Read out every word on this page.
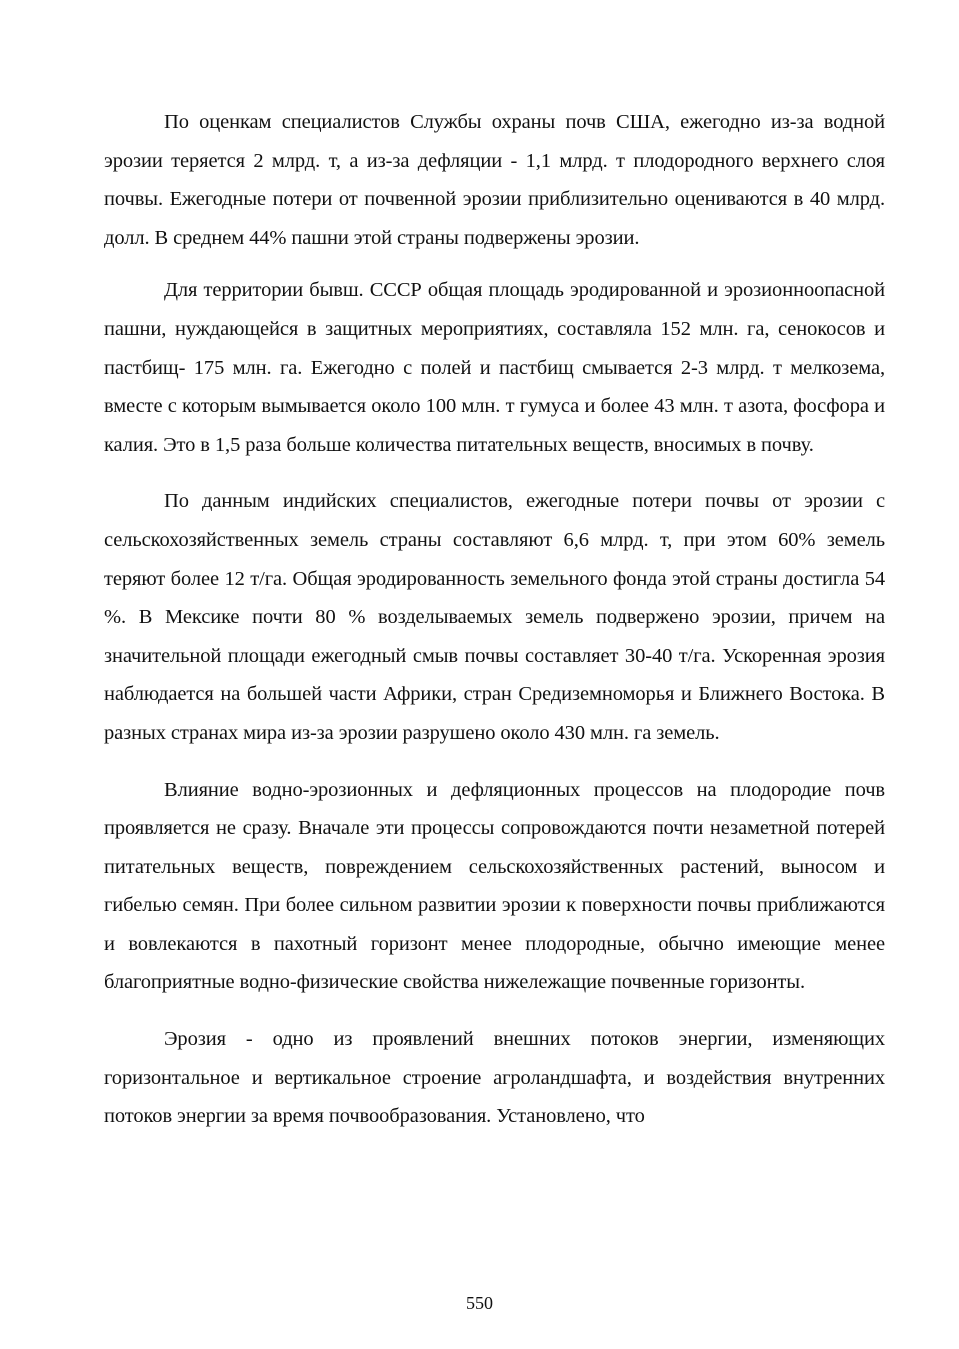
По оценкам специалистов Службы охраны почв США, ежегодно из-за водной эрозии теряется 2 млрд. т, а из-за дефляции - 1,1 млрд. т плодородного верхнего слоя почвы. Ежегодные потери от почвенной эрозии приблизительно оцениваются в 40 млрд. долл. В среднем 44% пашни этой страны подвержены эрозии.

Для территории бывш. СССР общая площадь эродированной и эрозионноопасной пашни, нуждающейся в защитных мероприятиях, составляла 152 млн. га, сенокосов и пастбищ- 175 млн. га. Ежегодно с полей и пастбищ смывается 2-3 млрд. т мелкозема, вместе с которым вымывается около 100 млн. т гумуса и более 43 млн. т азота, фосфора и калия. Это в 1,5 раза больше количества питательных веществ, вносимых в почву.

По данным индийских специалистов, ежегодные потери почвы от эрозии с сельскохозяйственных земель страны составляют 6,6 млрд. т, при этом 60% земель теряют более 12 т/га. Общая эродированность земельного фонда этой страны достигла 54 %. В Мексике почти 80 % возделываемых земель подвержено эрозии, причем на значительной площади ежегодный смыв почвы составляет 30-40 т/га. Ускоренная эрозия наблюдается на большей части Африки, стран Средиземноморья и Ближнего Востока. В разных странах мира из-за эрозии разрушено около 430 млн. га земель.

Влияние водно-эрозионных и дефляционных процессов на плодородие почв проявляется не сразу. Вначале эти процессы сопровождаются почти незаметной потерей питательных веществ, повреждением сельскохозяйственных растений, выносом и гибелью семян. При более сильном развитии эрозии к поверхности почвы приближаются и вовлекаются в пахотный горизонт менее плодородные, обычно имеющие менее благоприятные водно-физические свойства нижележащие почвенные горизонты.

Эрозия - одно из проявлений внешних потоков энергии, изменяющих горизонтальное и вертикальное строение агроландшафта, и воздействия внутренних потоков энергии за время почвообразования. Установлено, что

550
